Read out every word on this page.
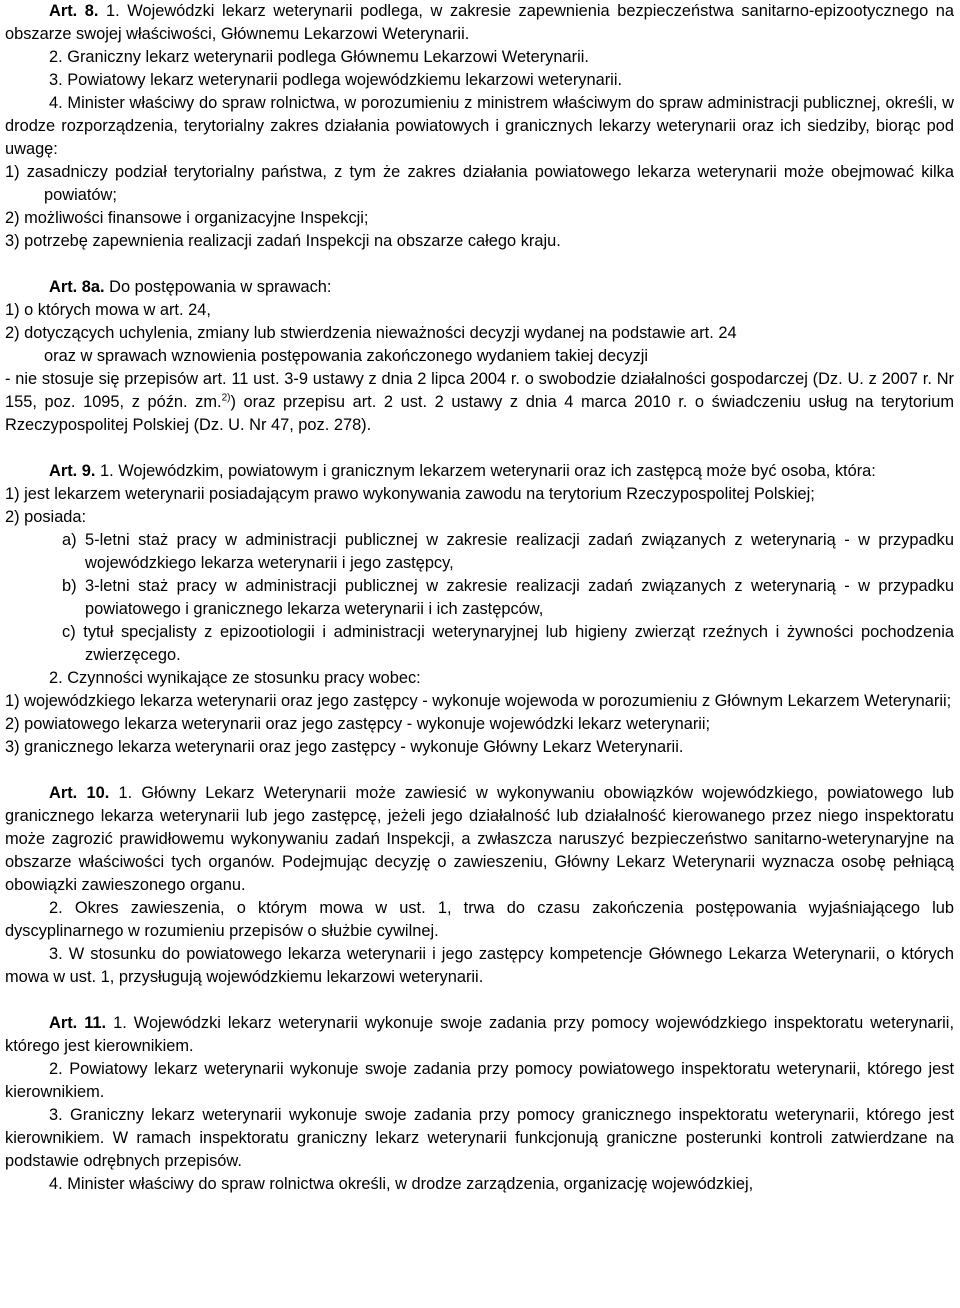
Art. 8. 1. Wojewódzki lekarz weterynarii podlega, w zakresie zapewnienia bezpieczeństwa sanitarno-epizootycznego na obszarze swojej właściwości, Głównemu Lekarzowi Weterynarii.

2. Graniczny lekarz weterynarii podlega Głównemu Lekarzowi Weterynarii.

3. Powiatowy lekarz weterynarii podlega wojewódzkiemu lekarzowi weterynarii.

4. Minister właściwy do spraw rolnictwa, w porozumieniu z ministrem właściwym do spraw administracji publicznej, określi, w drodze rozporządzenia, terytorialny zakres działania powiatowych i granicznych lekarzy weterynarii oraz ich siedziby, biorąc pod uwagę:

1) zasadniczy podział terytorialny państwa, z tym że zakres działania powiatowego lekarza weterynarii może obejmować kilka powiatów;

2) możliwości finansowe i organizacyjne Inspekcji;

3) potrzebę zapewnienia realizacji zadań Inspekcji na obszarze całego kraju.

Art. 8a. Do postępowania w sprawach:

1) o których mowa w art. 24,

2) dotyczących uchylenia, zmiany lub stwierdzenia nieważności decyzji wydanej na podstawie art. 24

oraz w sprawach wznowienia postępowania zakończonego wydaniem takiej decyzji

- nie stosuje się przepisów art. 11 ust. 3-9 ustawy z dnia 2 lipca 2004 r. o swobodzie działalności gospodarczej (Dz. U. z 2007 r. Nr 155, poz. 1095, z późn. zm.$^{2)}$) oraz przepisu art. 2 ust. 2 ustawy z dnia 4 marca 2010 r. o świadczeniu usług na terytorium Rzeczypospolitej Polskiej (Dz. U. Nr 47, poz. 278).

Art. 9. 1. Wojewódzkim, powiatowym i granicznym lekarzem weterynarii oraz ich zastępcą może być osoba, która:

1) jest lekarzem weterynarii posiadającym prawo wykonywania zawodu na terytorium Rzeczypospolitej Polskiej;

2) posiada:

a) 5-letni staż pracy w administracji publicznej w zakresie realizacji zadań związanych z weterynarią - w przypadku wojewódzkiego lekarza weterynarii i jego zastępcy,

b) 3-letni staż pracy w administracji publicznej w zakresie realizacji zadań związanych z weterynarią - w przypadku powiatowego i granicznego lekarza weterynarii i ich zastępców,

c) tytuł specjalisty z epizootiologii i administracji weterynaryjnej lub higieny zwierząt rzeźnych i żywności pochodzenia zwierzęcego.

2. Czynności wynikające ze stosunku pracy wobec:

1) wojewódzkiego lekarza weterynarii oraz jego zastępcy - wykonuje wojewoda w porozumieniu z Głównym Lekarzem Weterynarii;

2) powiatowego lekarza weterynarii oraz jego zastępcy - wykonuje wojewódzki lekarz weterynarii;

3) granicznego lekarza weterynarii oraz jego zastępcy - wykonuje Główny Lekarz Weterynarii.

Art. 10. 1. Główny Lekarz Weterynarii może zawiesić w wykonywaniu obowiązków wojewódzkiego, powiatowego lub granicznego lekarza weterynarii lub jego zastępcę, jeżeli jego działalność lub działalność kierowanego przez niego inspektoratu może zagrozić prawidłowemu wykonywaniu zadań Inspekcji, a zwłaszcza naruszyć bezpieczeństwo sanitarno-weterynaryjne na obszarze właściwości tych organów. Podejmując decyzję o zawieszeniu, Główny Lekarz Weterynarii wyznacza osobę pełniącą obowiązki zawieszonego organu.

2. Okres zawieszenia, o którym mowa w ust. 1, trwa do czasu zakończenia postępowania wyjaśniającego lub dyscyplinarnego w rozumieniu przepisów o służbie cywilnej.

3. W stosunku do powiatowego lekarza weterynarii i jego zastępcy kompetencje Głównego Lekarza Weterynarii, o których mowa w ust. 1, przysługują wojewódzkiemu lekarzowi weterynarii.

Art. 11. 1. Wojewódzki lekarz weterynarii wykonuje swoje zadania przy pomocy wojewódzkiego inspektoratu weterynarii, którego jest kierownikiem.

2. Powiatowy lekarz weterynarii wykonuje swoje zadania przy pomocy powiatowego inspektoratu weterynarii, którego jest kierownikiem.

3. Graniczny lekarz weterynarii wykonuje swoje zadania przy pomocy granicznego inspektoratu weterynarii, którego jest kierownikiem. W ramach inspektoratu graniczny lekarz weterynarii funkcjonują graniczne posterunki kontroli zatwierdzane na podstawie odrębnych przepisów.

4. Minister właściwy do spraw rolnictwa określi, w drodze zarządzenia, organizację wojewódzkiej,
